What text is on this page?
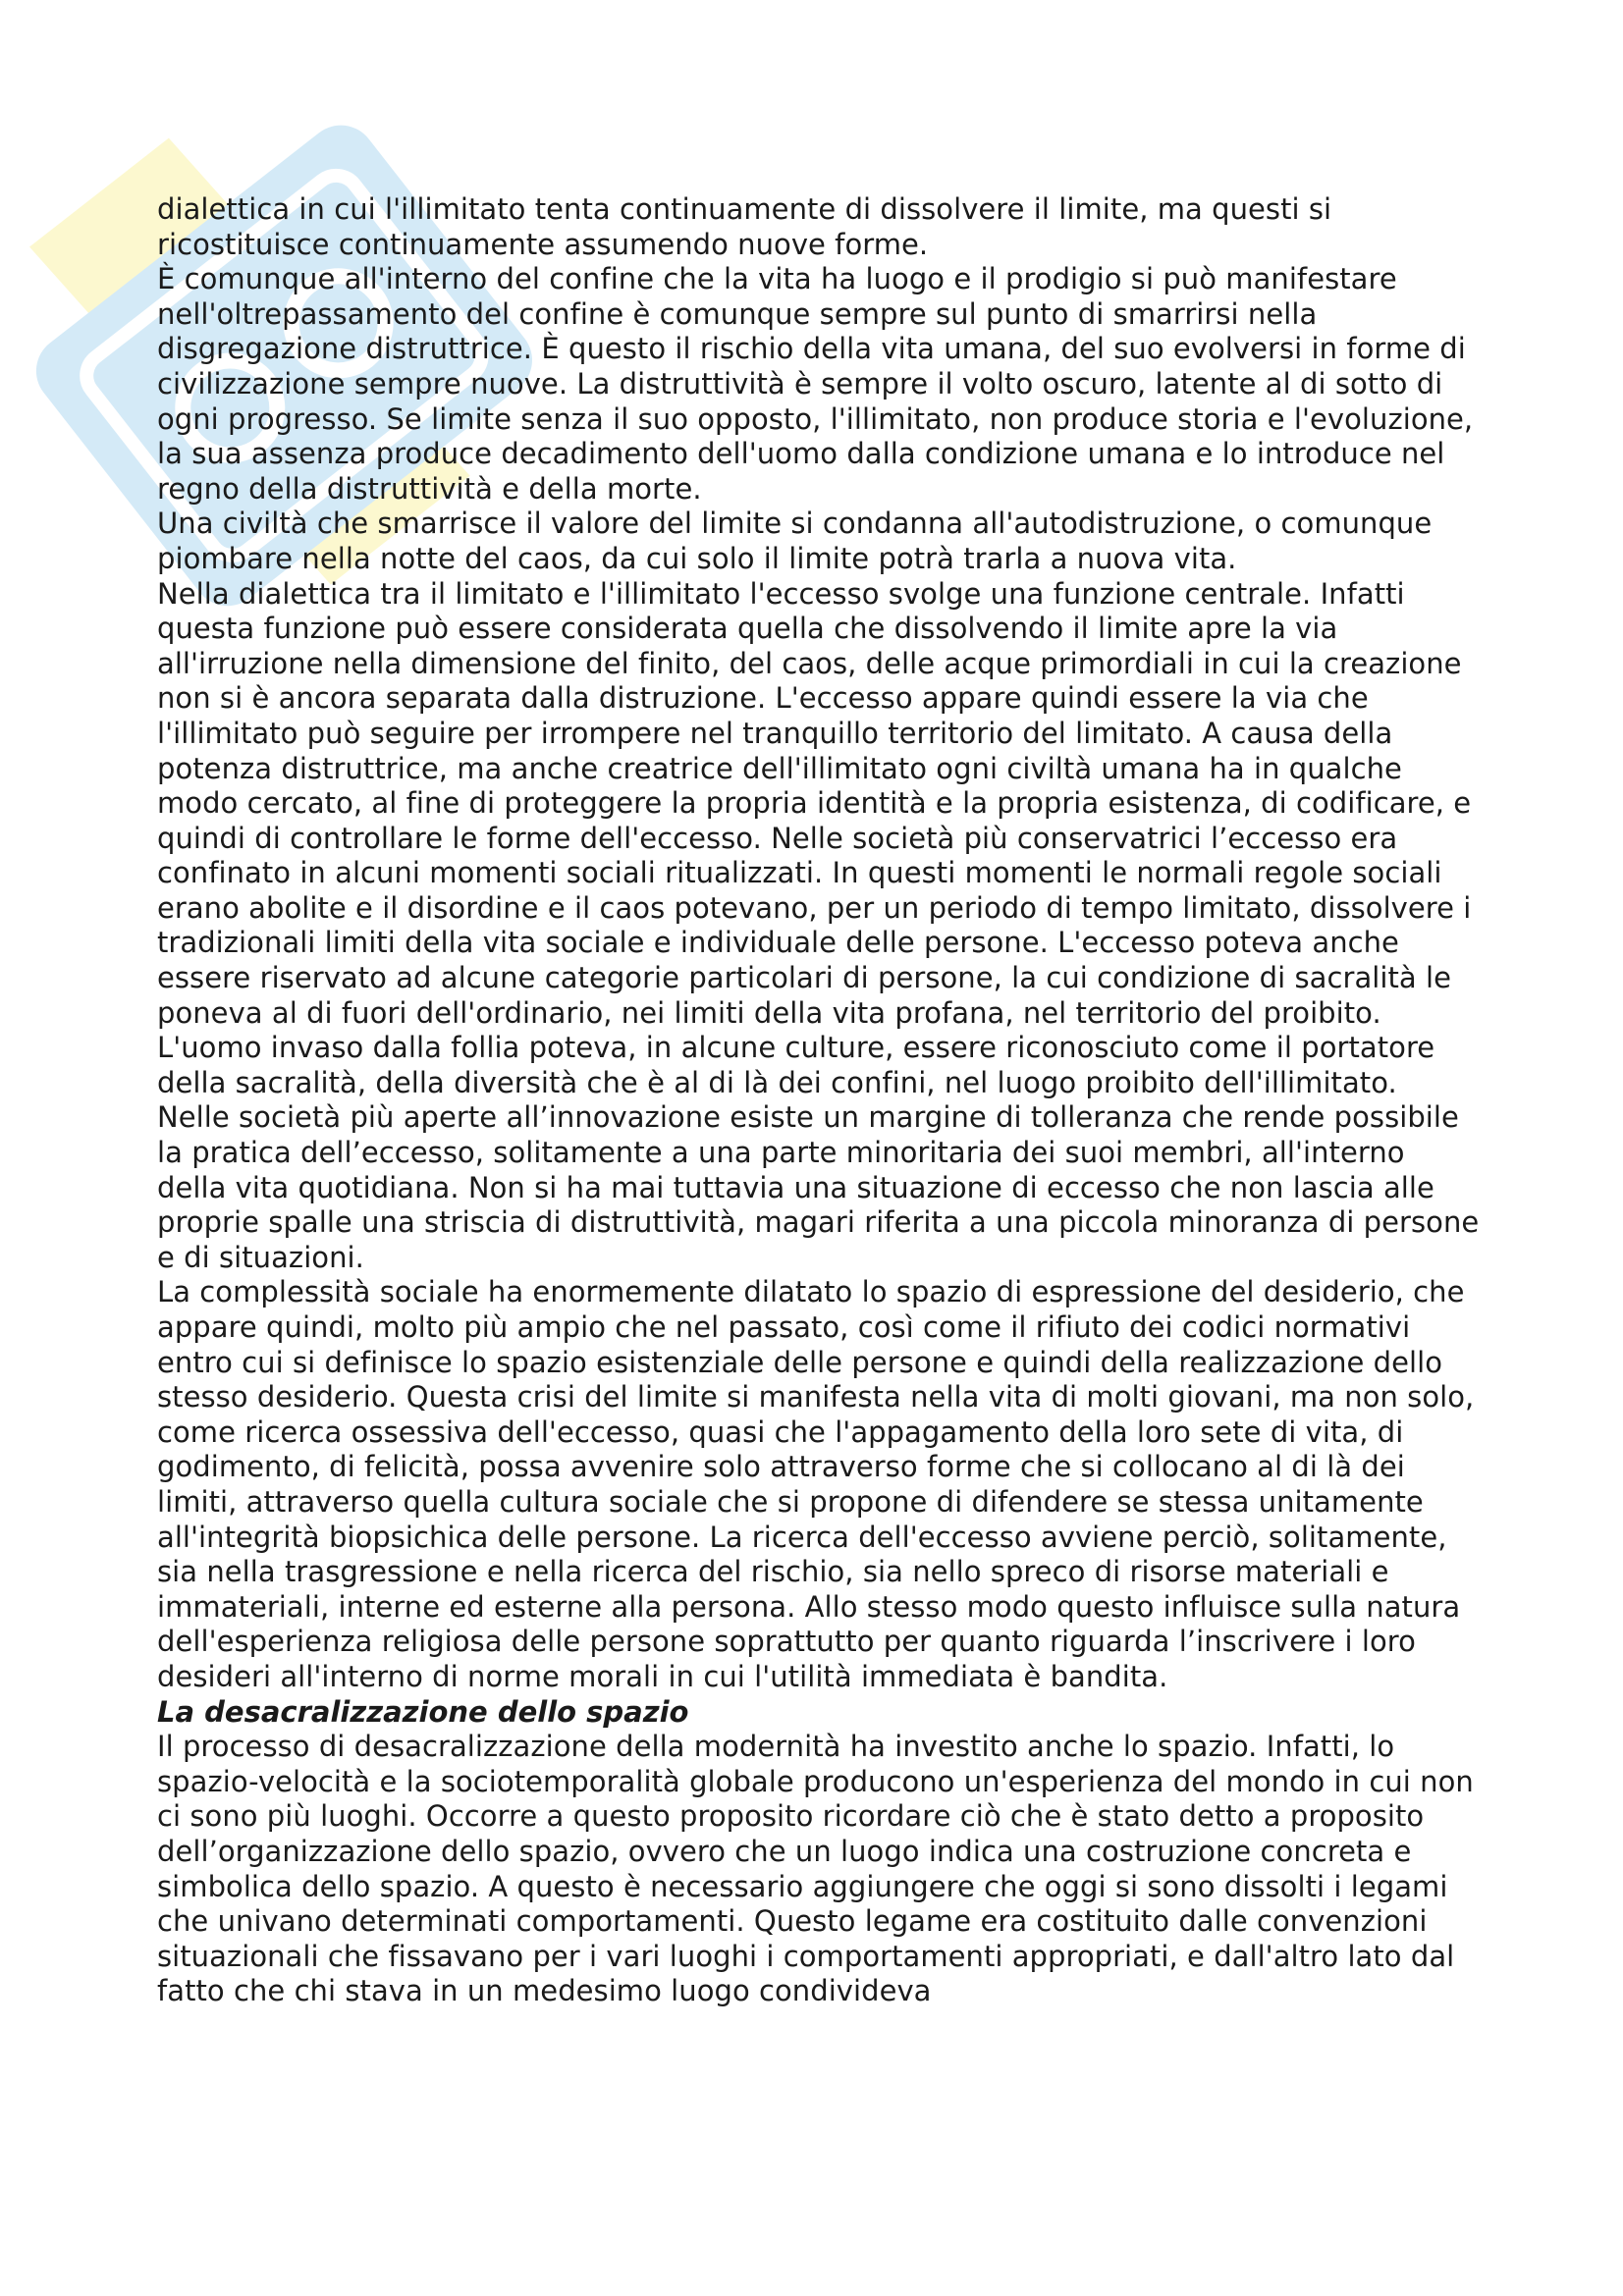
dialettica in cui l'illimitato tenta continuamente di dissolvere il limite, ma questi si ricostituisce continuamente assumendo nuove forme.

È comunque all'interno del confine che la vita ha luogo e il prodigio si può manifestare nell'oltrepassamento del confine è comunque sempre sul punto di smarrirsi nella disgregazione distruttrice. È questo il rischio della vita umana, del suo evolversi in forme di civilizzazione sempre nuove. La distruttività è sempre il volto oscuro, latente al di sotto di ogni progresso. Se limite senza il suo opposto, l'illimitato, non produce storia e l'evoluzione, la sua assenza produce decadimento dell'uomo dalla condizione umana e lo introduce nel regno della distruttività e della morte.

Una civiltà che smarrisce il valore del limite si condanna all'autodistruzione, o comunque piombare nella notte del caos, da cui solo il limite potrà trarla a nuova vita.

Nella dialettica tra il limitato e l'illimitato l'eccesso svolge una funzione centrale. Infatti questa funzione può essere considerata quella che dissolvendo il limite apre la via all'irruzione nella dimensione del finito, del caos, delle acque primordiali in cui la creazione non si è ancora separata dalla distruzione. L'eccesso appare quindi essere la via che l'illimitato può seguire per irrompere nel tranquillo territorio del limitato. A causa della potenza distruttrice, ma anche creatrice dell'illimitato ogni civiltà umana ha in qualche modo cercato, al fine di proteggere la propria identità e la propria esistenza, di codificare, e quindi di controllare le forme dell'eccesso. Nelle società più conservatrici l’eccesso era confinato in alcuni momenti sociali ritualizzati. In questi momenti le normali regole sociali erano abolite e il disordine e il caos potevano, per un periodo di tempo limitato, dissolvere i tradizionali limiti della vita sociale e individuale delle persone. L'eccesso poteva anche essere riservato ad alcune categorie particolari di persone, la cui condizione di sacralità le poneva al di fuori dell'ordinario, nei limiti della vita profana, nel territorio del proibito.

L'uomo invaso dalla follia poteva, in alcune culture, essere riconosciuto come il portatore della sacralità, della diversità che è al di là dei confini, nel luogo proibito dell'illimitato.

Nelle società più aperte all’innovazione esiste un margine di tolleranza che rende possibile la pratica dell’eccesso, solitamente a una parte minoritaria dei suoi membri, all'interno della vita quotidiana. Non si ha mai tuttavia una situazione di eccesso che non lascia alle proprie spalle una striscia di distruttività, magari riferita a una piccola minoranza di persone e di situazioni.

La complessità sociale ha enormemente dilatato lo spazio di espressione del desiderio, che appare quindi, molto più ampio che nel passato, così come il rifiuto dei codici normativi entro cui si definisce lo spazio esistenziale delle persone e quindi della realizzazione dello stesso desiderio. Questa crisi del limite si manifesta nella vita di molti giovani, ma non solo, come ricerca ossessiva dell'eccesso, quasi che l'appagamento della loro sete di vita, di godimento, di felicità, possa avvenire solo attraverso forme che si collocano al di là dei limiti, attraverso quella cultura sociale che si propone di difendere se stessa unitamente all'integrità biopsichica delle persone. La ricerca dell'eccesso avviene perciò, solitamente, sia nella trasgressione e nella ricerca del rischio, sia nello spreco di risorse materiali e immateriali, interne ed esterne alla persona. Allo stesso modo questo influisce sulla natura dell'esperienza religiosa delle persone soprattutto per quanto riguarda l’inscrivere i loro desideri all'interno di norme morali in cui l'utilità immediata è bandita.

La desacralizzazione dello spazio

Il processo di desacralizzazione della modernità ha investito anche lo spazio. Infatti, lo spazio-velocità e la sociotemporalità globale producono un'esperienza del mondo in cui non ci sono più luoghi. Occorre a questo proposito ricordare ciò che è stato detto a proposito dell’organizzazione dello spazio, ovvero che un luogo indica una costruzione concreta e simbolica dello spazio. A questo è necessario aggiungere che oggi si sono dissolti i legami che univano determinati comportamenti. Questo legame era costituito dalle convenzioni situazionali che fissavano per i vari luoghi i comportamenti appropriati, e dall'altro lato dal fatto che chi stava in un medesimo luogo condivideva
